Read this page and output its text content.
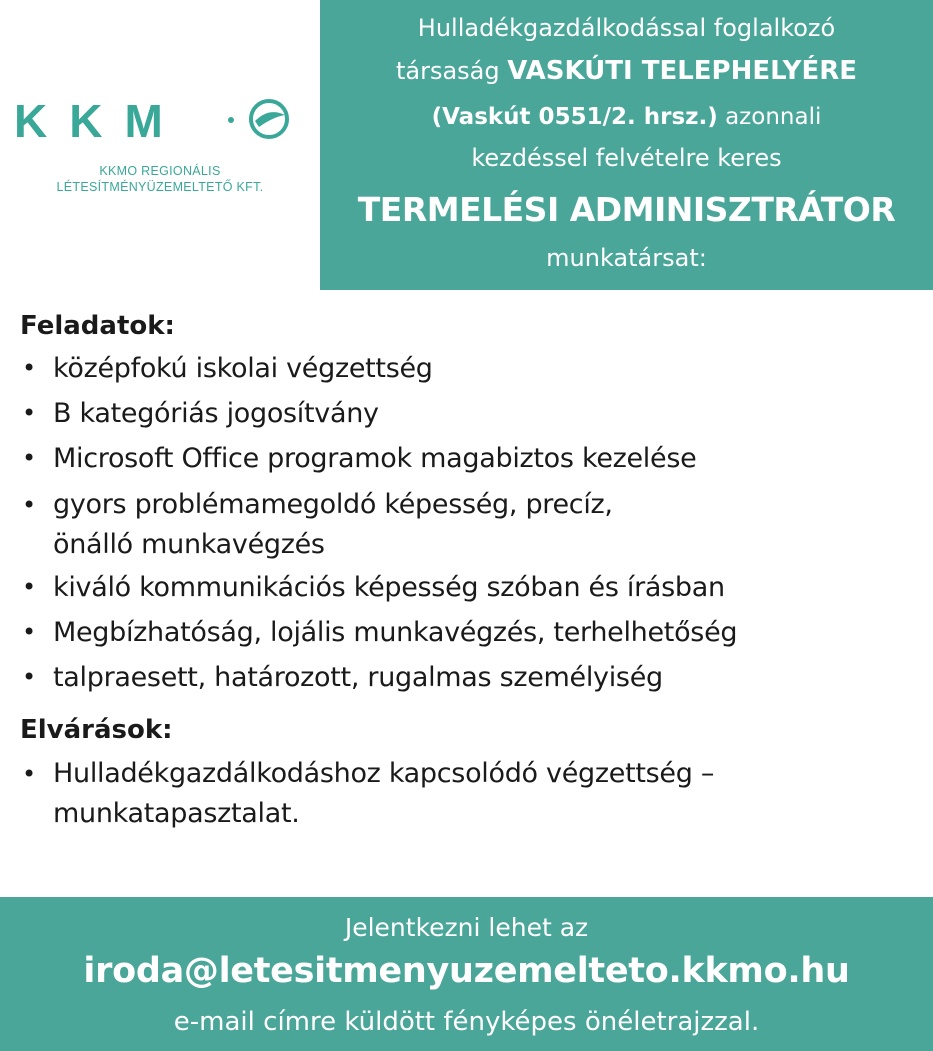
KKM
KKMO REGIONÁLIS
LÉTESÍTMÉNYÜZEMELTETŐ KFT.
Hulladékgazdálkodással foglalkozó
társaság VASKÚTI TELEPHELYÉRE
(Vaskút 0551/2. hrsz.) azonnali
kezdéssel felvételre keres
TERMELÉSI ADMINISZTRÁTOR
munkatársat:
Feladatok:
• középfokú iskolai végzettség
• B kategóriás jogosítvány
• Microsoft Office programok magabiztos kezelése
• gyors problémamegoldó képesség, precíz,
önálló munkavégzés
• kiváló kommunikációs képesség szóban és írásban
• Megbízhatóság, lojális munkavégzés, terhelhetőség
• talpraesett, határozott, rugalmas személyiség
Elvárások:
• Hulladékgazdálkodáshoz kapcsolódó végzettség –
munkatapasztalat.
Jelentkezni lehet az
iroda@letesitmenyuzemelteto.kkmo.hu
e-mail címre küldött fényképes önéletrajzzal.
